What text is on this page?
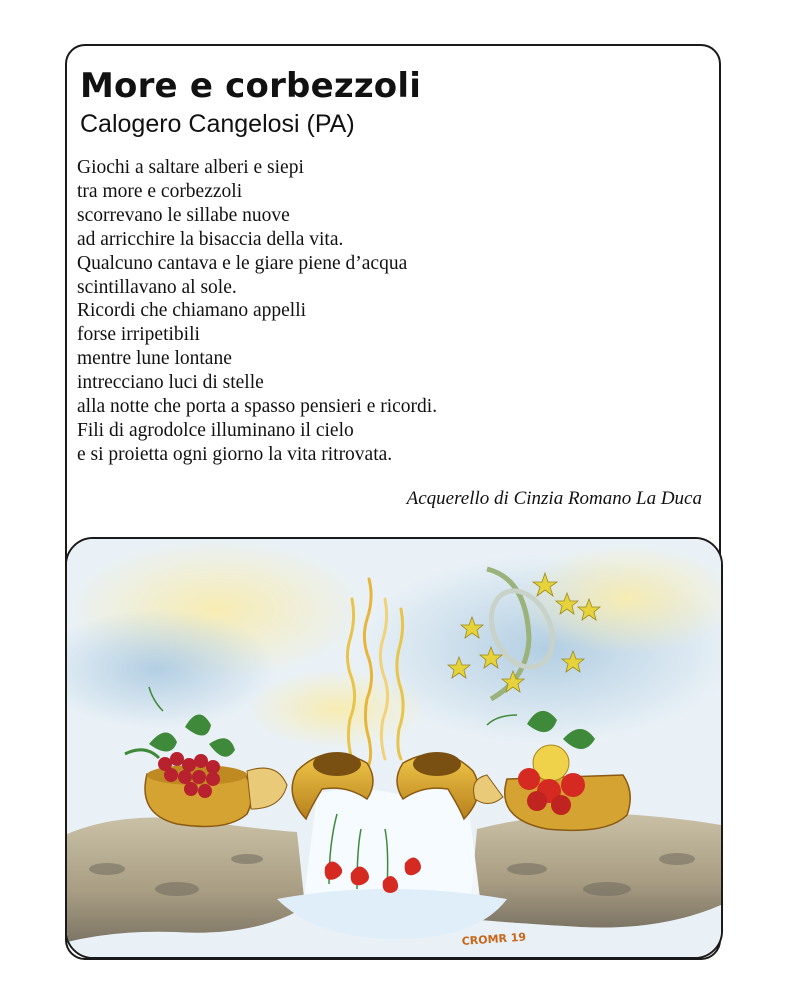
More e corbezzoli
Calogero Cangelosi (PA)
Giochi a saltare alberi e siepi
tra more e corbezzoli
scorrevano le sillabe nuove
ad arricchire la bisaccia della vita.
Qualcuno cantava e le giare piene d’acqua
scintillavano al sole.
Ricordi che chiamano appelli
forse irripetibili
mentre lune lontane
intrecciano luci di stelle
alla notte che porta a spasso pensieri e ricordi.
Fili di agrodolce illuminano il cielo
e si proietta ogni giorno la vita ritrovata.
Acquerello di Cinzia Romano La Duca
CROMR 19
